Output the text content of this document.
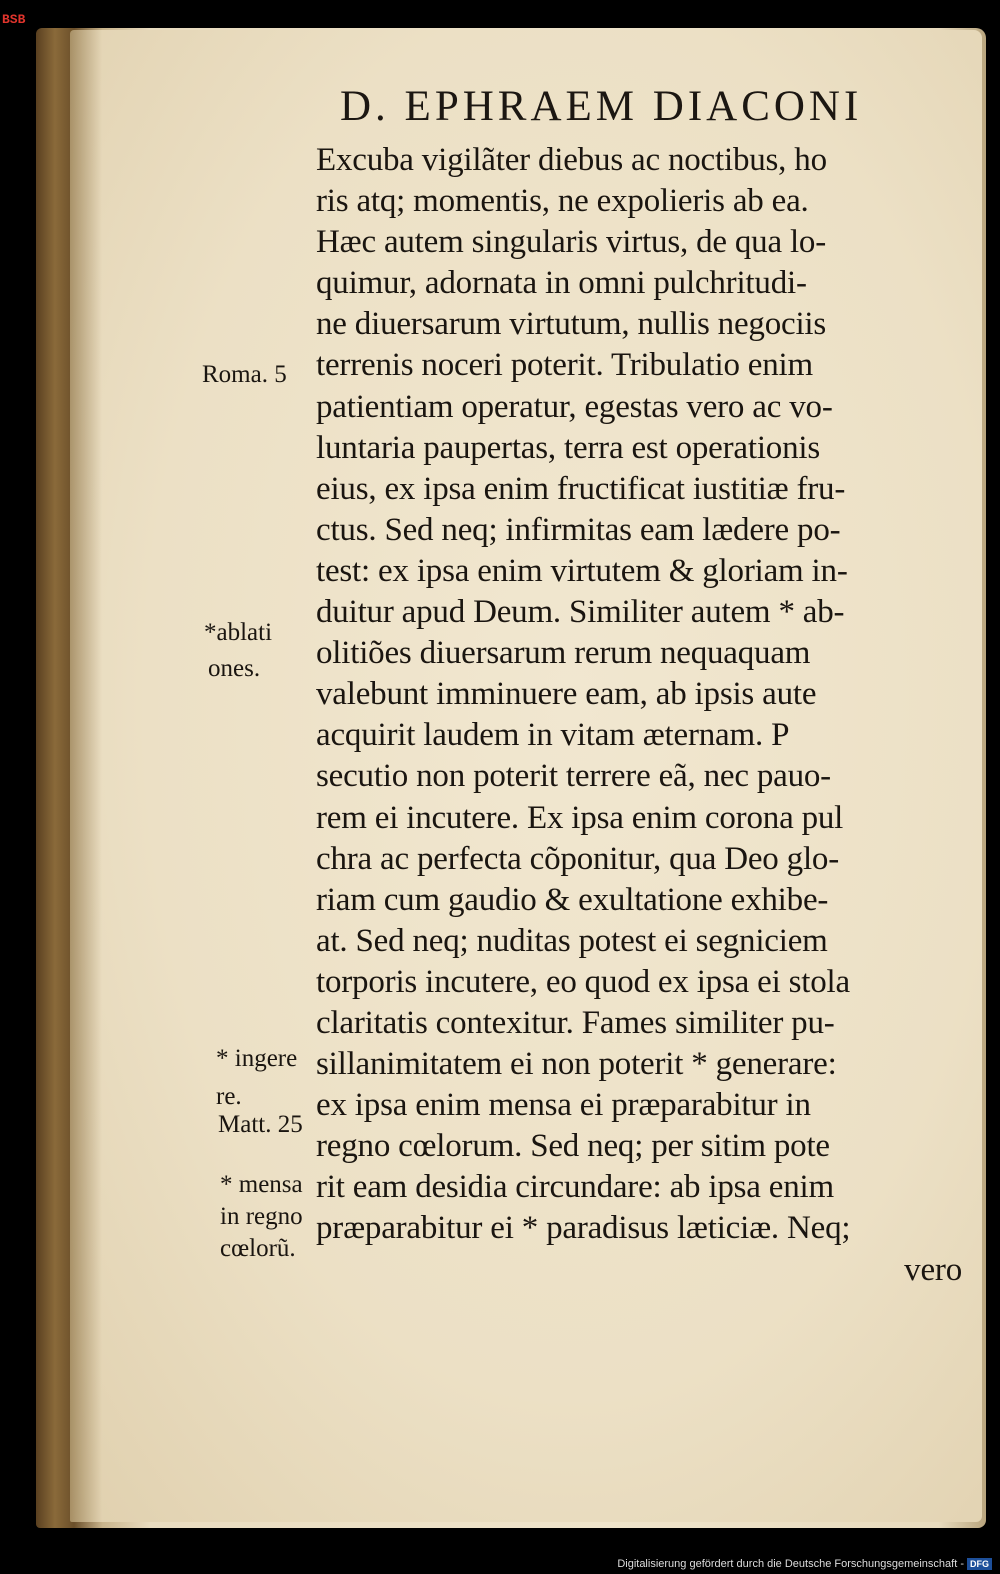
BSB
D. EPHRAEM DIACONI
Excuba vigilãter diebus ac noctibus, ho
ris atq; momentis, ne expolieris ab ea.
Hæc autem singularis virtus, de qua lo-
quimur, adornata in omni pulchritudi-
ne diuersarum virtutum, nullis negociis
terrenis noceri poterit. Tribulatio enim
patientiam operatur, egestas vero ac vo-
luntaria paupertas, terra est operationis
eius, ex ipsa enim fructificat iustitiæ fru-
ctus. Sed neq; infirmitas eam lædere po-
test: ex ipsa enim virtutem & gloriam in-
duitur apud Deum. Similiter autem * ab-
olitiões diuersarum rerum nequaquam
valebunt imminuere eam, ab ipsis aute
acquirit laudem in vitam æternam. P
secutio non poterit terrere eã, nec pauo-
rem ei incutere. Ex ipsa enim corona pul
chra ac perfecta cõponitur, qua Deo glo-
riam cum gaudio & exultatione exhibe-
at. Sed neq; nuditas potest ei segniciem
torporis incutere, eo quod ex ipsa ei stola
claritatis contexitur. Fames similiter pu-
sillanimitatem ei non poterit * generare:
ex ipsa enim mensa ei præparabitur in
regno cœlorum. Sed neq; per sitim pote
rit eam desidia circundare: ab ipsa enim
præparabitur ei * paradisus læticiæ. Neq;
vero
Roma. 5
*ablati
ones.
* ingere
re.
Matt. 25
* mensa
in regno
cœlorũ.
Digitalisierung gefördert durch die Deutsche Forschungsgemeinschaft - DFG
